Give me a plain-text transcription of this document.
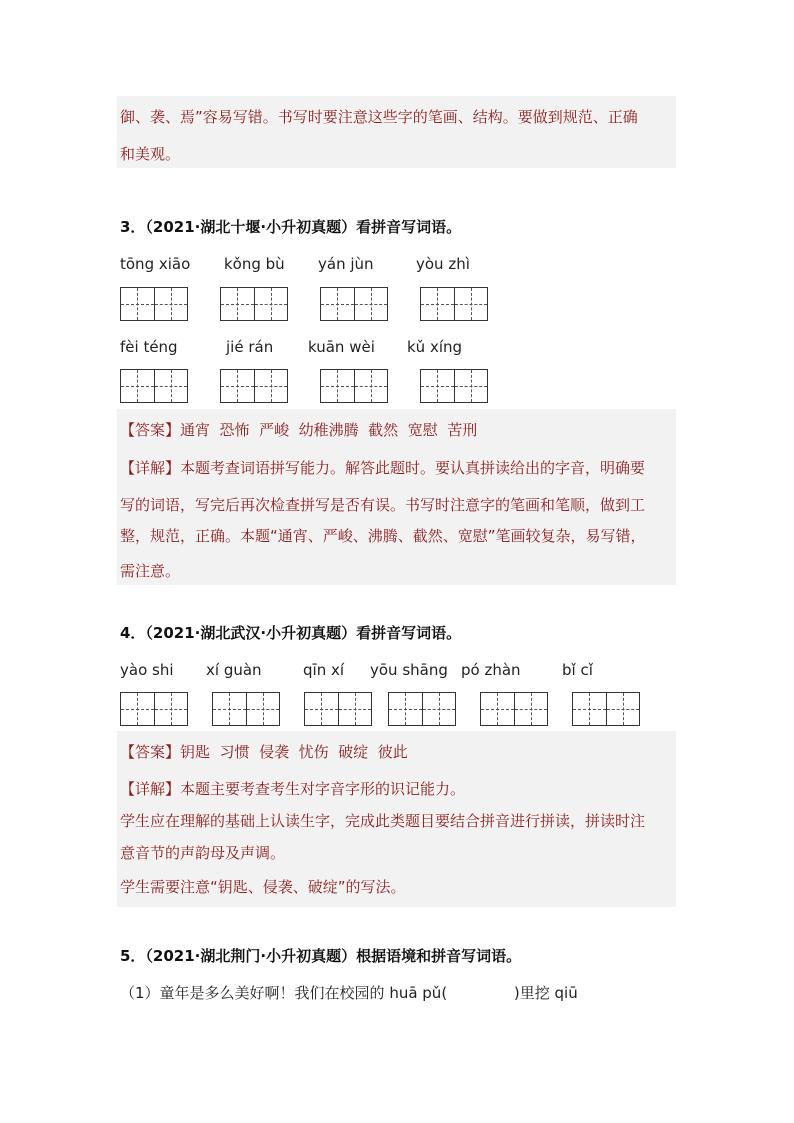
御、袭、焉”容易写错。书写时要注意这些字的笔画、结构。要做到规范、正确
和美观。
3．（2021·湖北十堰·小升初真题）看拼音写词语。
tōng xiāo kǒng bù yán jùn	yòu zhì
fèi téng	jié rán kuān wèi kǔ xíng
【答案】通宵  恐怖  严峻  幼稚沸腾  截然  宽慰  苦刑
【详解】本题考查词语拼写能力。解答此题时。要认真拼读给出的字音，明确要
写的词语，写完后再次检查拼写是否有误。书写时注意字的笔画和笔顺，做到工
整，规范，正确。本题“通宵、严峻、沸腾、截然、宽慰”笔画较复杂，易写错，
需注意。
4．（2021·湖北武汉·小升初真题）看拼音写词语。
yào shi xí guàn	qīn xí yōu shāng pó zhàn	bǐ cǐ
【答案】钥匙  习惯  侵袭  忧伤  破绽  彼此
【详解】本题主要考查考生对字音字形的识记能力。
学生应在理解的基础上认读生字，完成此类题目要结合拼音进行拼读，拼读时注
意音节的声韵母及声调。
学生需要注意“钥匙、侵袭、破绽”的写法。
5．（2021·湖北荆门·小升初真题）根据语境和拼音写词语。
（1）童年是多么美好啊！我们在校园的 huā pǔ(              )里挖 qiū
